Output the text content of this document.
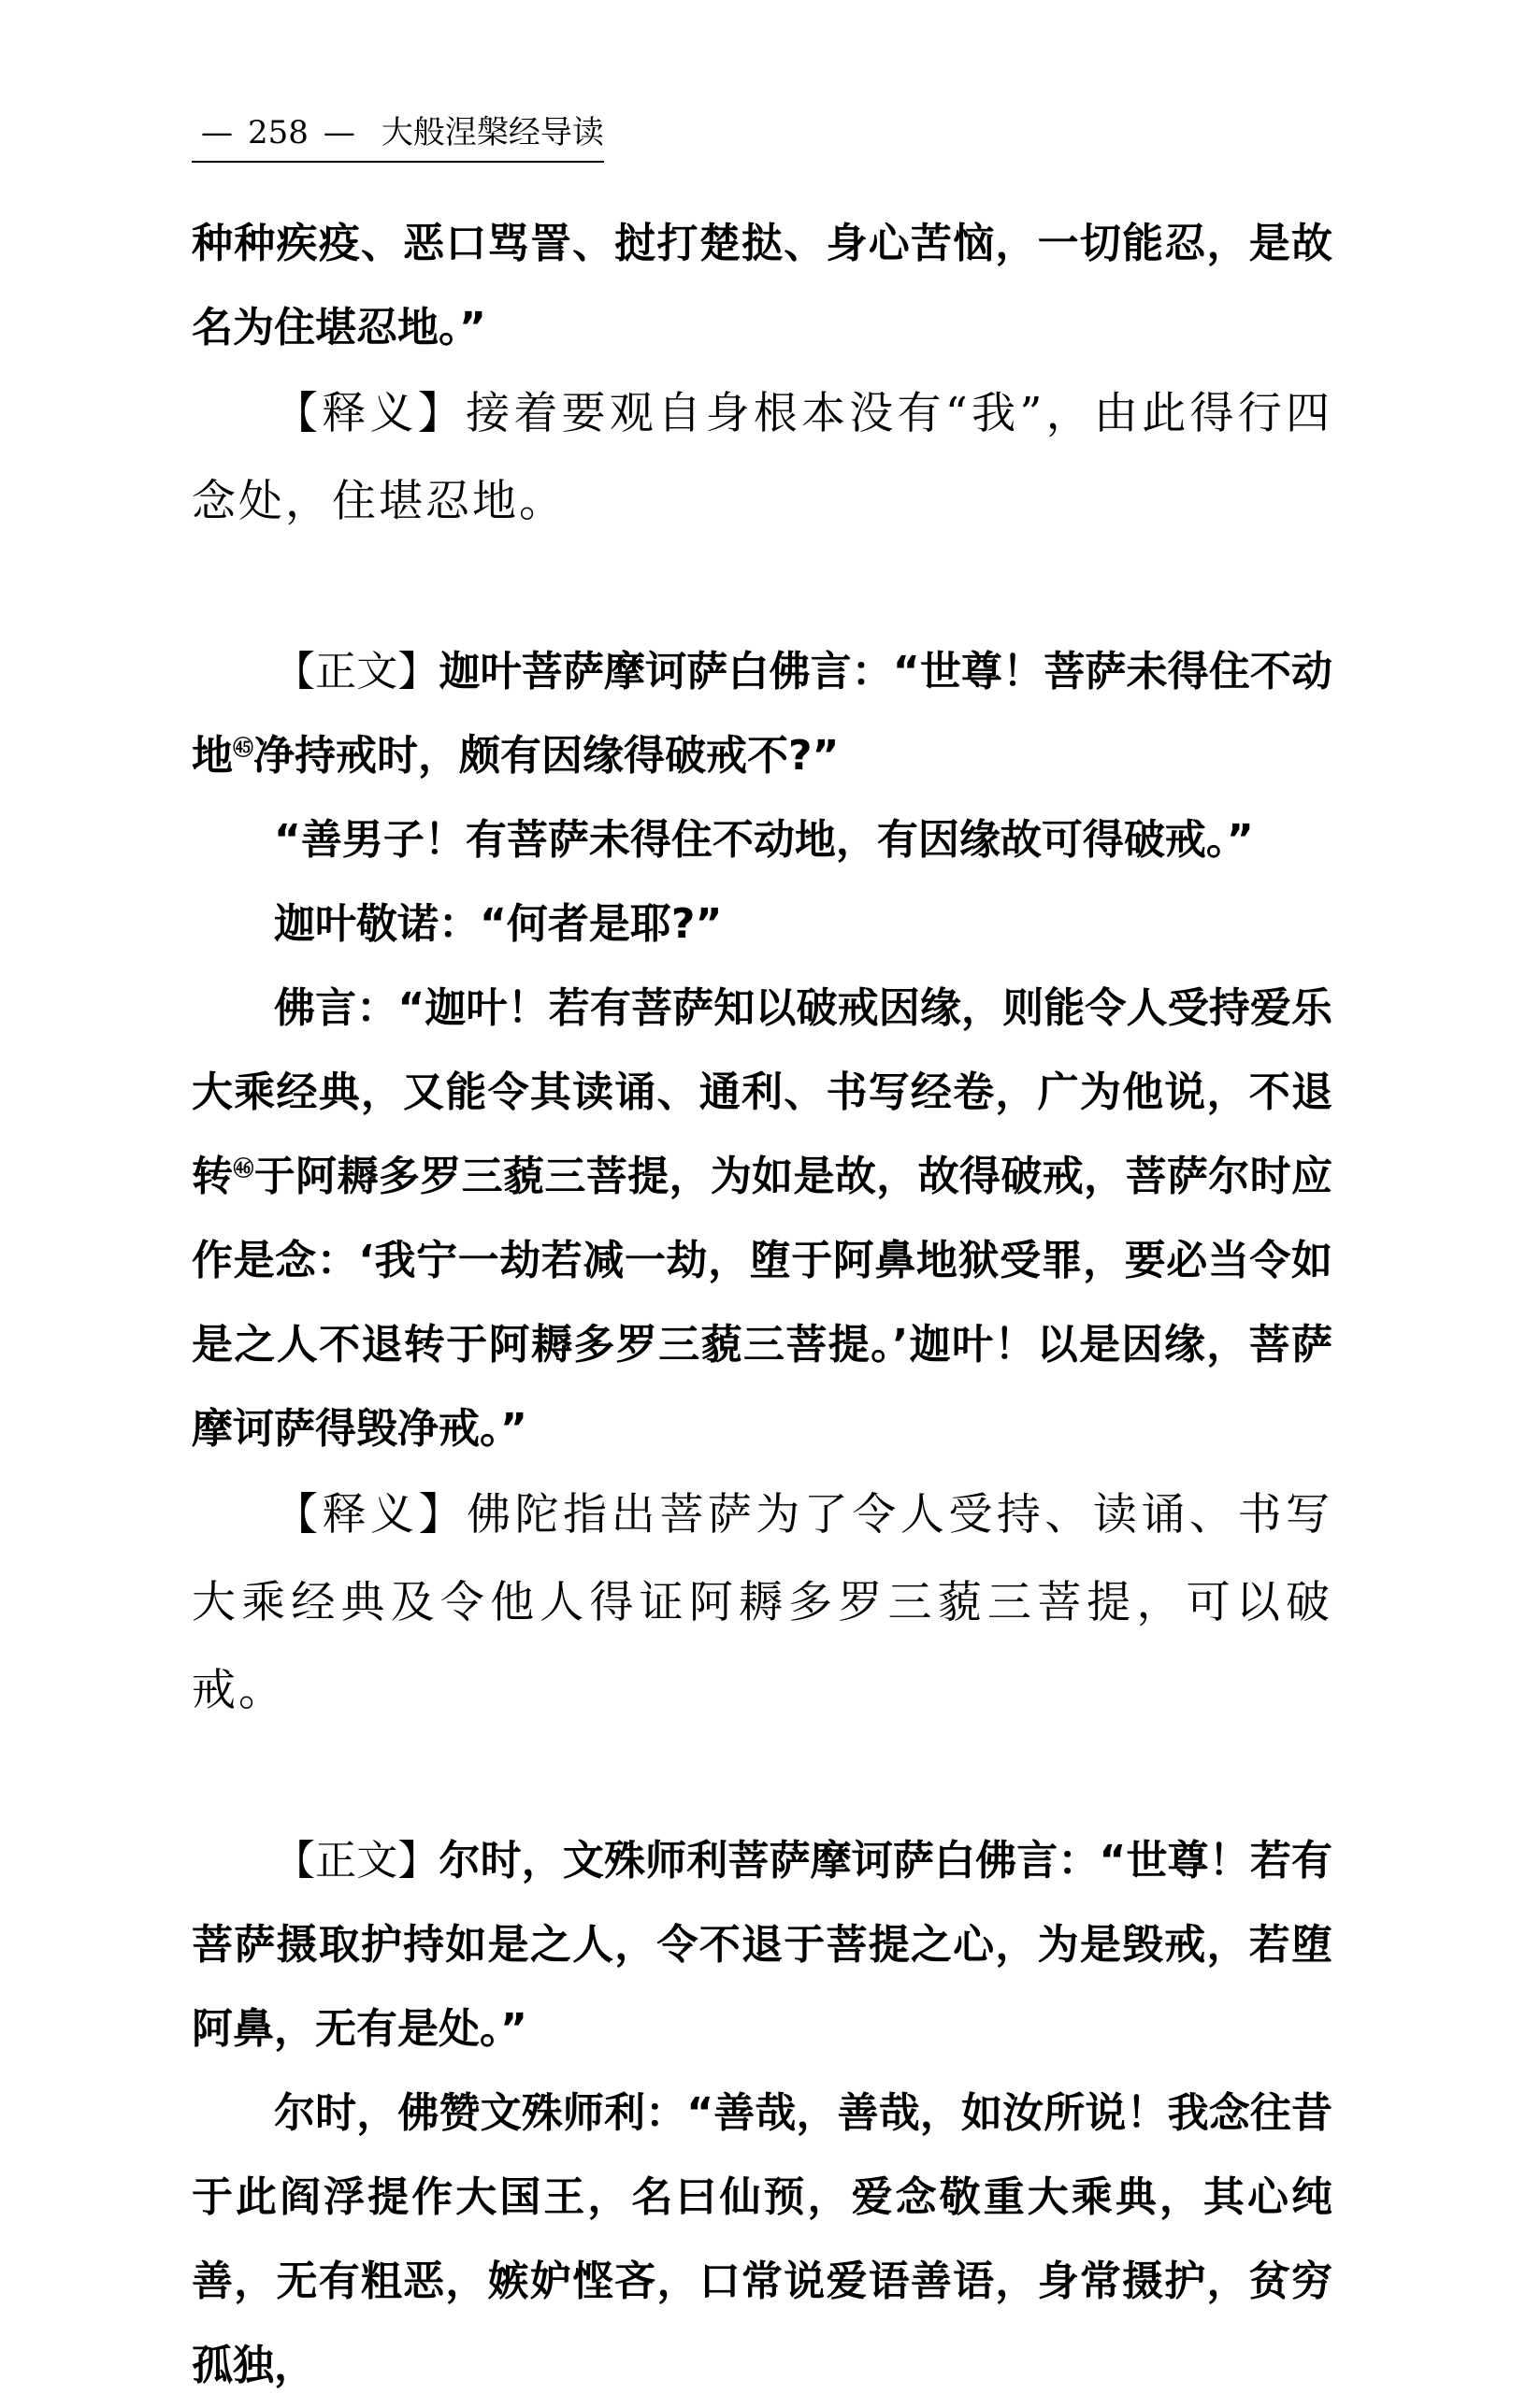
— 258 — 大般涅槃经导读

种种疾疫、恶口骂詈、挝打楚挞、身心苦恼，一切能忍，是故名为住堪忍地。”

【释义】接着要观自身根本没有“我”，由此得行四念处，住堪忍地。

【正文】迦叶菩萨摩诃萨白佛言：“世尊！菩萨未得住不动地$^㊺$净持戒时，颇有因缘得破戒不?”

“善男子！有菩萨未得住不动地，有因缘故可得破戒。”

迦叶敬诺：“何者是耶?”

佛言：“迦叶！若有菩萨知以破戒因缘，则能令人受持爱乐大乘经典，又能令其读诵、通利、书写经卷，广为他说，不退转$^㊻$于阿耨多罗三藐三菩提，为如是故，故得破戒，菩萨尔时应作是念：‘我宁一劫若减一劫，堕于阿鼻地狱受罪，要必当令如是之人不退转于阿耨多罗三藐三菩提。’迦叶！以是因缘，菩萨摩诃萨得毁净戒。”

【释义】佛陀指出菩萨为了令人受持、读诵、书写大乘经典及令他人得证阿耨多罗三藐三菩提，可以破戒。

【正文】尔时，文殊师利菩萨摩诃萨白佛言：“世尊！若有菩萨摄取护持如是之人，令不退于菩提之心，为是毁戒，若堕阿鼻，无有是处。”

尔时，佛赞文殊师利：“善哉，善哉，如汝所说！我念往昔于此阎浮提作大国王，名曰仙预，爱念敬重大乘典，其心纯善，无有粗恶，嫉妒悭吝，口常说爱语善语，身常摄护，贫穷孤独，
